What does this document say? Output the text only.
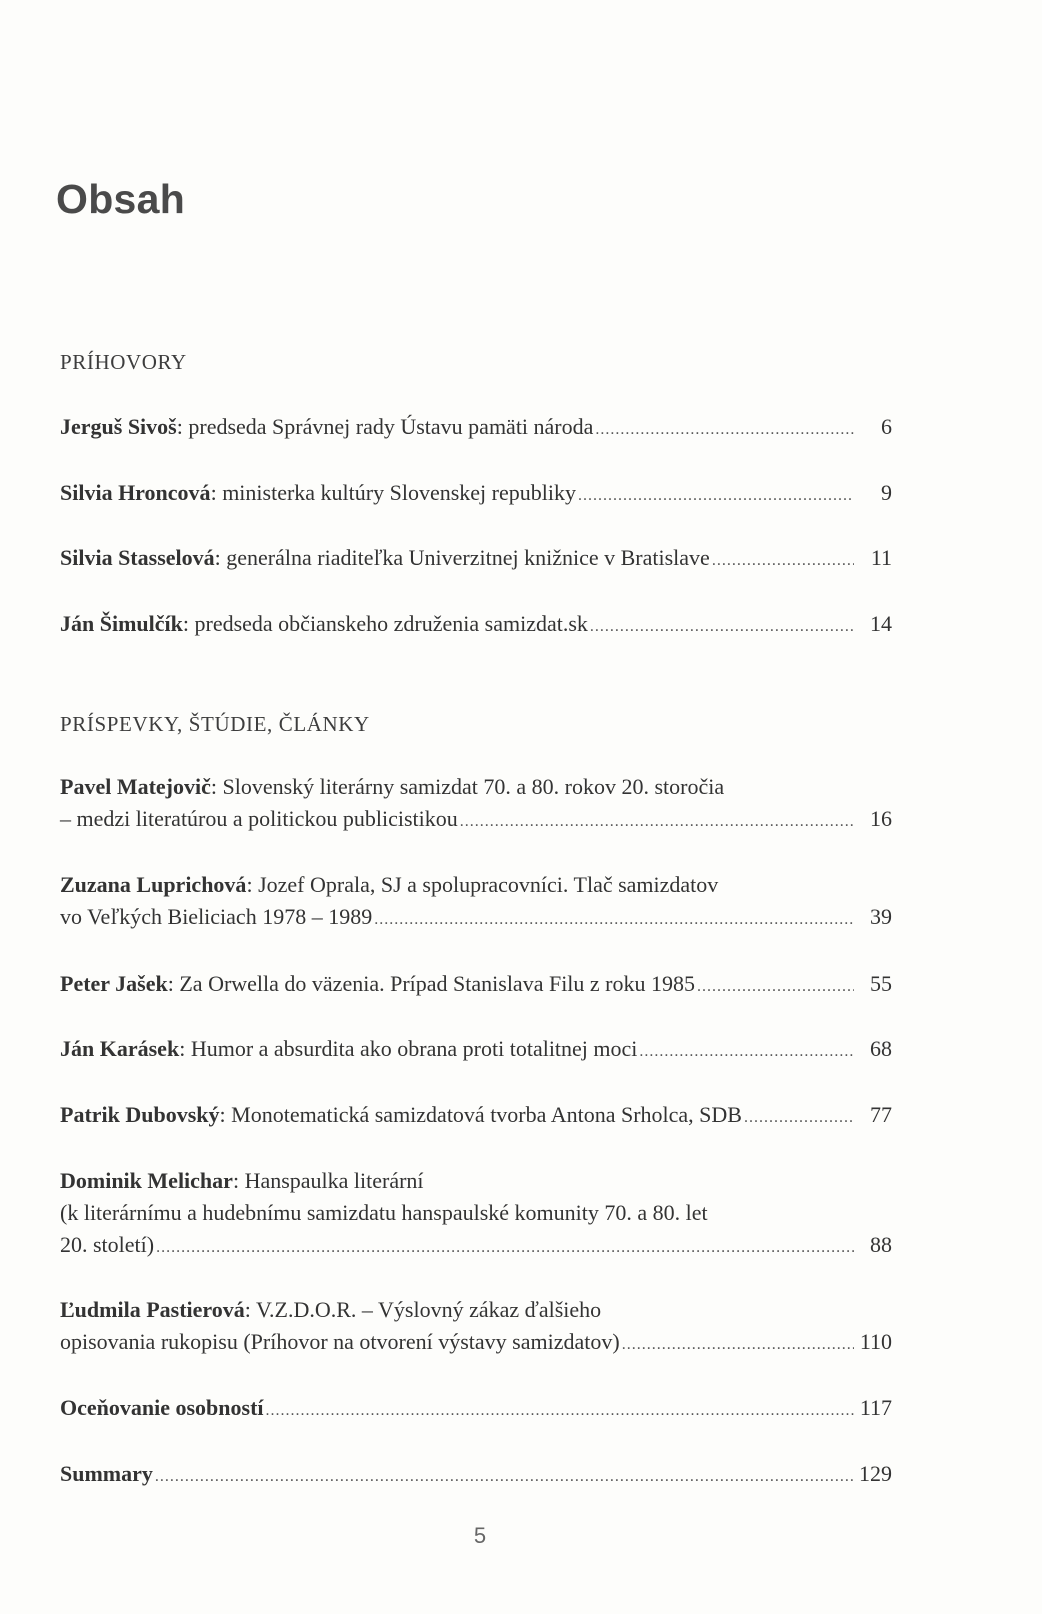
Obsah
PRÍHOVORY
Jerguš Sivoš: predseda Správnej rady Ústavu pamäti národa .....	6
Silvia Hroncová: ministerka kultúry Slovenskej republiky .....	9
Silvia Stasselová: generálna riaditeľka Univerzitnej knižnice v Bratislave .....	11
Ján Šimulčík: predseda občianskeho združenia samizdat.sk .....	14
PRÍSPEVKY, ŠTÚDIE, ČLÁNKY
Pavel Matejovič: Slovenský literárny samizdat 70. a 80. rokov 20. storočia
– medzi literatúrou a politickou publicistikou .....	16
Zuzana Luprichová: Jozef Oprala, SJ a spolupracovníci. Tlač samizdatov
vo Veľkých Bieliciach 1978 – 1989 .....	39
Peter Jašek: Za Orwella do väzenia. Prípad Stanislava Filu z roku 1985 .....	55
Ján Karásek: Humor a absurdita ako obrana proti totalitnej moci .....	68
Patrik Dubovský: Monotematická samizdatová tvorba Antona Srholca, SDB .....	77
Dominik Melichar: Hanspaulka literární
(k literárnímu a hudebnímu samizdatu hanspaulské komunity 70. a 80. let
20. století) .....	88
Ľudmila Pastierová: V.Z.D.O.R. – Výslovný zákaz ďalšieho
opisovania rukopisu (Príhovor na otvorení výstavy samizdatov) .....	110
Oceňovanie osobností .....	117
Summary .....	129
5
